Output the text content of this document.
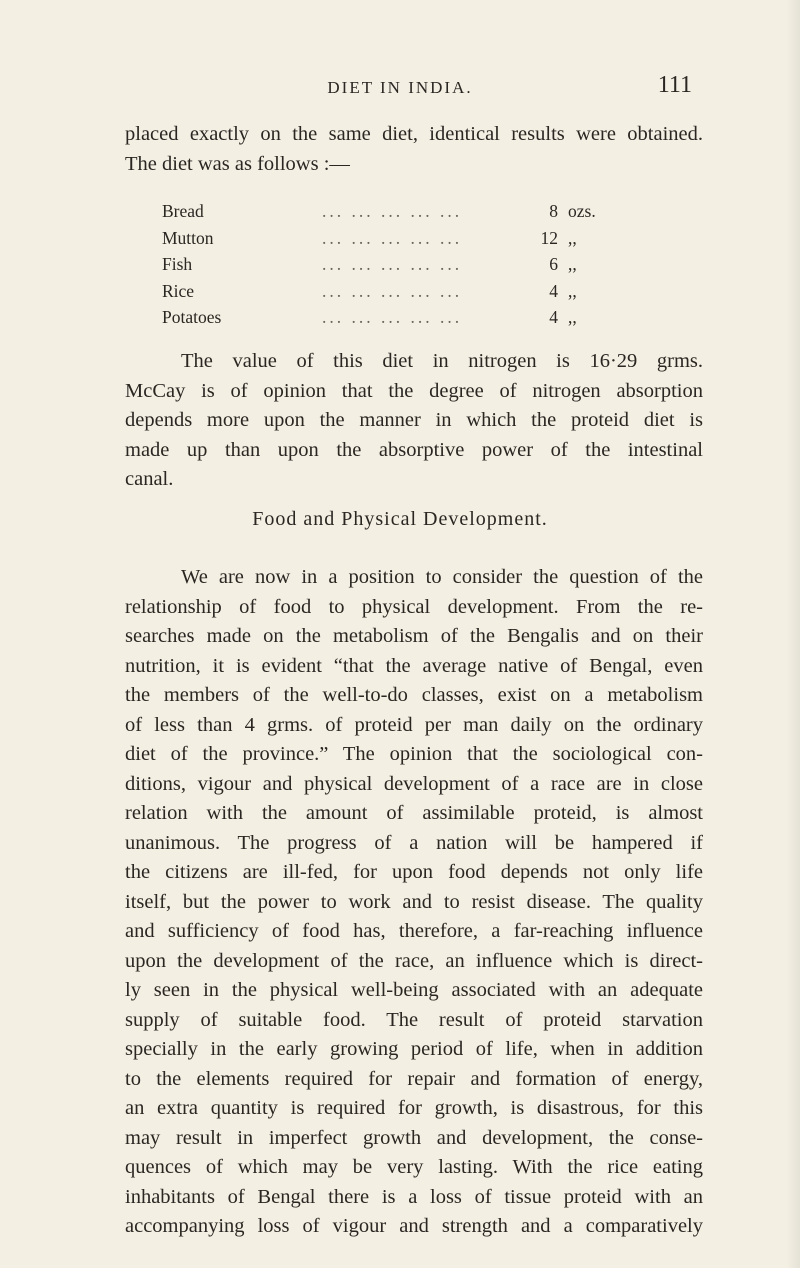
DIET IN INDIA.	111
placed exactly on the same diet, identical results were obtained.
The diet was as follows :—
Bread	... ... ... ... ...	8 ozs.
Mutton	... ... ... ... ...	12 ,,
Fish	... ... ... ... ...	6 ,,
Rice	... ... ... ... ...	4 ,,
Potatoes	... ... ... ... ...	4 ,,
The value of this diet in nitrogen is 16·29 grms.
McCay is of opinion that the degree of nitrogen absorption
depends more upon the manner in which the proteid diet is
made up than upon the absorptive power of the intestinal
canal.
Food and Physical Development.
We are now in a position to consider the question of the
relationship of food to physical development. From the re-
searches made on the metabolism of the Bengalis and on their
nutrition, it is evident “that the average native of Bengal, even
the members of the well-to-do classes, exist on a metabolism
of less than 4 grms. of proteid per man daily on the ordinary
diet of the province.” The opinion that the sociological con-
ditions, vigour and physical development of a race are in close
relation with the amount of assimilable proteid, is almost
unanimous. The progress of a nation will be hampered if
the citizens are ill-fed, for upon food depends not only life
itself, but the power to work and to resist disease. The quality
and sufficiency of food has, therefore, a far-reaching influence
upon the development of the race, an influence which is direct-
ly seen in the physical well-being associated with an adequate
supply of suitable food. The result of proteid starvation
specially in the early growing period of life, when in addition
to the elements required for repair and formation of energy,
an extra quantity is required for growth, is disastrous, for this
may result in imperfect growth and development, the conse-
quences of which may be very lasting. With the rice eating
inhabitants of Bengal there is a loss of tissue proteid with an
accompanying loss of vigour and strength and a comparatively
